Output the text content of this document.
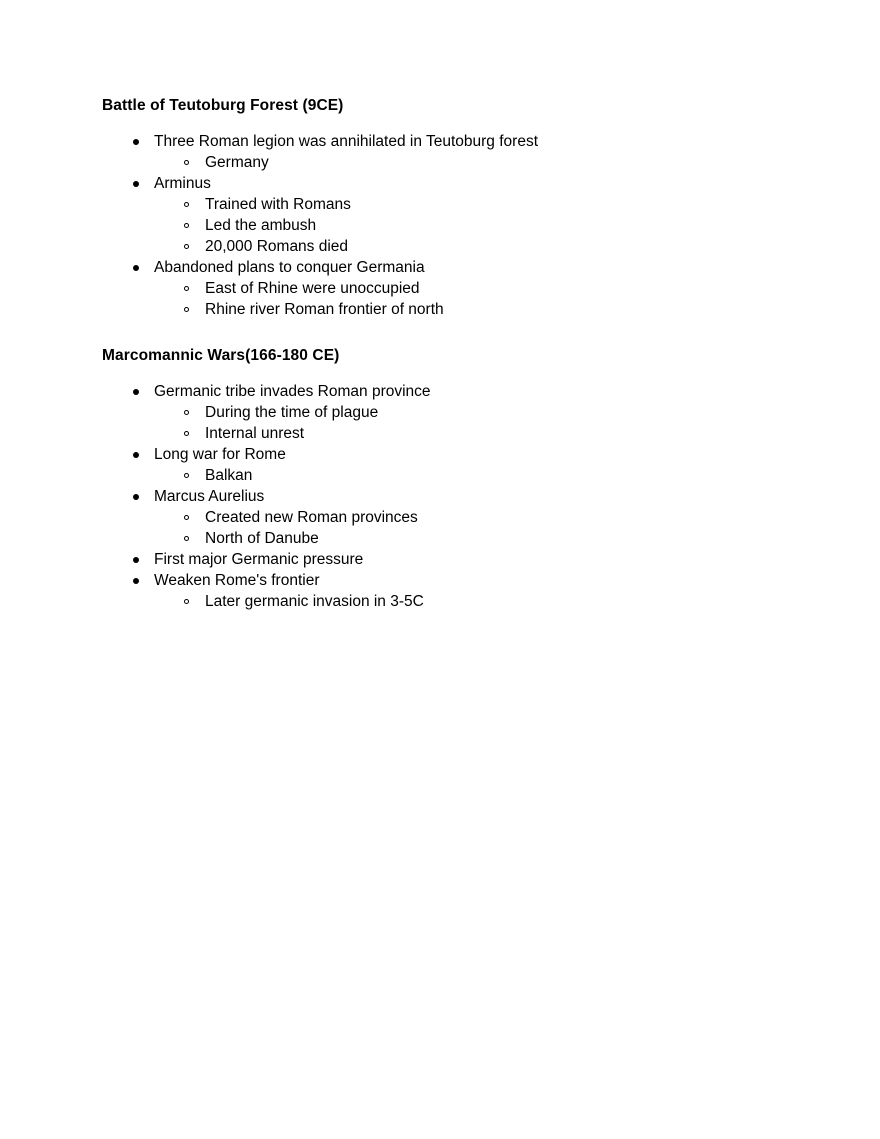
Battle of Teutoburg Forest (9CE)
Three Roman legion was annihilated in Teutoburg forest
Germany
Arminus
Trained with Romans
Led the ambush
20,000 Romans died
Abandoned plans to conquer Germania
East of Rhine were unoccupied
Rhine river Roman frontier of north
Marcomannic Wars(166-180 CE)
Germanic tribe invades Roman province
During the time of plague
Internal unrest
Long war for Rome
Balkan
Marcus Aurelius
Created new Roman provinces
North of Danube
First major Germanic pressure
Weaken Rome's frontier
Later germanic invasion in 3-5C
